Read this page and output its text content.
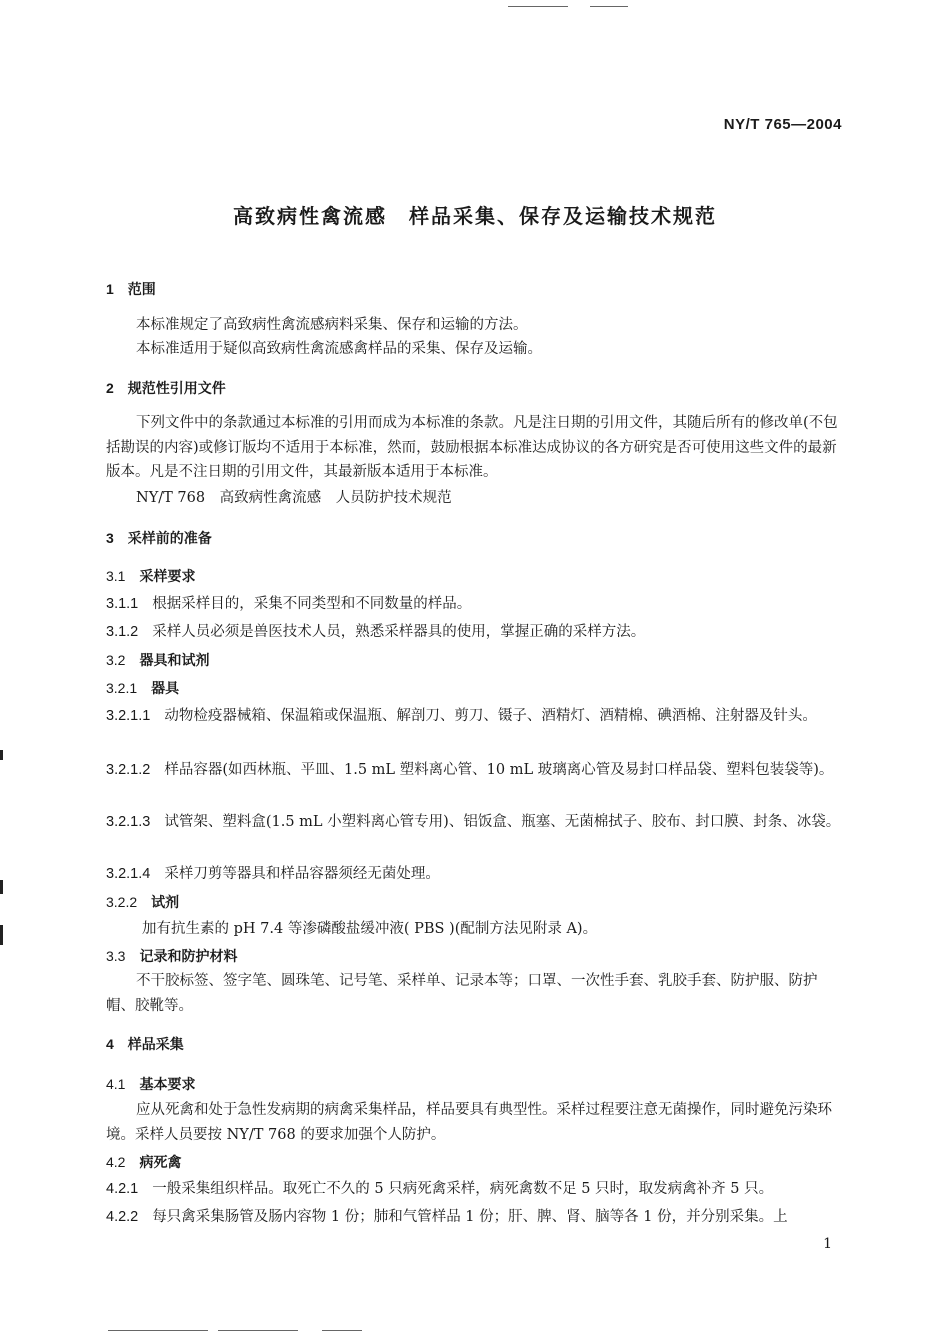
NY/T 765—2004
高致病性禽流感　样品采集、保存及运输技术规范
1 范围
本标准规定了高致病性禽流感病料采集、保存和运输的方法。
本标准适用于疑似高致病性禽流感禽样品的采集、保存及运输。
2 规范性引用文件
下列文件中的条款通过本标准的引用而成为本标准的条款。凡是注日期的引用文件，其随后所有的修改单(不包括勘误的内容)或修订版均不适用于本标准，然而，鼓励根据本标准达成协议的各方研究是否可使用这些文件的最新版本。凡是不注日期的引用文件，其最新版本适用于本标准。
NY/T 768　高致病性禽流感　人员防护技术规范
3 采样前的准备
3.1 采样要求
3.1.1 根据采样目的，采集不同类型和不同数量的样品。
3.1.2 采样人员必须是兽医技术人员，熟悉采样器具的使用，掌握正确的采样方法。
3.2 器具和试剂
3.2.1 器具
3.2.1.1 动物检疫器械箱、保温箱或保温瓶、解剖刀、剪刀、镊子、酒精灯、酒精棉、碘酒棉、注射器及针头。
3.2.1.2 样品容器(如西林瓶、平皿、1.5 mL 塑料离心管、10 mL 玻璃离心管及易封口样品袋、塑料包装袋等)。
3.2.1.3 试管架、塑料盒(1.5 mL 小塑料离心管专用)、铝饭盒、瓶塞、无菌棉拭子、胶布、封口膜、封条、冰袋。
3.2.1.4 采样刀剪等器具和样品容器须经无菌处理。
3.2.2 试剂
加有抗生素的 pH 7.4 等渗磷酸盐缓冲液( PBS )(配制方法见附录 A)。
3.3 记录和防护材料
不干胶标签、签字笔、圆珠笔、记号笔、采样单、记录本等；口罩、一次性手套、乳胶手套、防护服、防护帽、胶靴等。
4 样品采集
4.1 基本要求
应从死禽和处于急性发病期的病禽采集样品，样品要具有典型性。采样过程要注意无菌操作，同时避免污染环境。采样人员要按 NY/T 768 的要求加强个人防护。
4.2 病死禽
4.2.1 一般采集组织样品。取死亡不久的 5 只病死禽采样，病死禽数不足 5 只时，取发病禽补齐 5 只。
4.2.2 每只禽采集肠管及肠内容物 1 份；肺和气管样品 1 份；肝、脾、肾、脑等各 1 份，并分别采集。上
1
